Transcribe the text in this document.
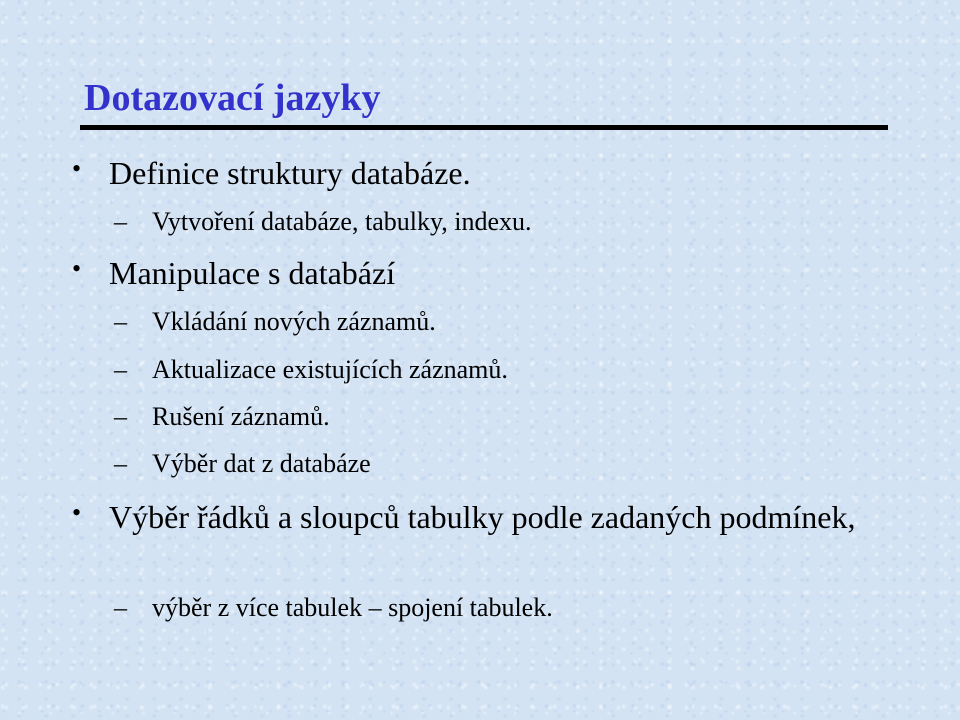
Dotazovací jazyky
• Definice struktury databáze.
– Vytvoření databáze, tabulky, indexu.
• Manipulace s databází
– Vkládání nových záznamů.
– Aktualizace existujících záznamů.
– Rušení záznamů.
– Výběr dat z databáze
• Výběr řádků a sloupců tabulky podle zadaných podmínek,
– výběr z více tabulek – spojení tabulek.
